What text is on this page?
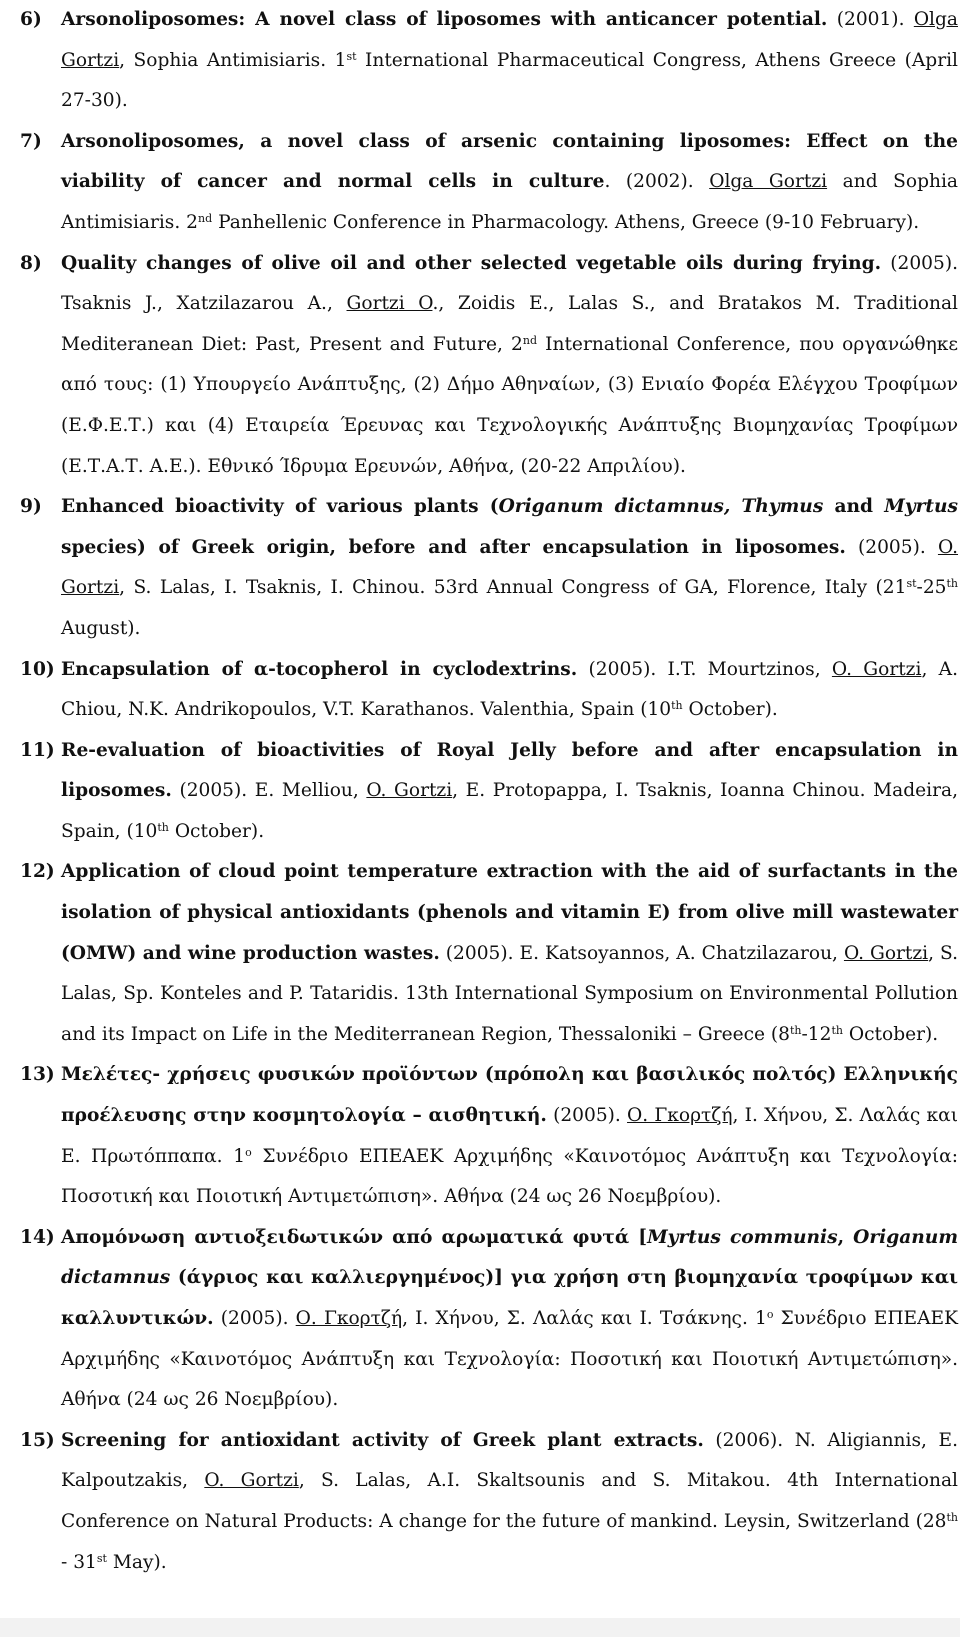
6) Arsonoliposomes: A novel class of liposomes with anticancer potential. (2001). Olga Gortzi, Sophia Antimisiaris. 1st International Pharmaceutical Congress, Athens Greece (April 27-30).
7) Arsonoliposomes, a novel class of arsenic containing liposomes: Effect on the viability of cancer and normal cells in culture. (2002). Olga Gortzi and Sophia Antimisiaris. 2nd Panhellenic Conference in Pharmacology. Athens, Greece (9-10 February).
8) Quality changes of olive oil and other selected vegetable oils during frying. (2005). Tsaknis J., Xatzilazarou A., Gortzi O., Zoidis E., Lalas S., and Bratakos M. Traditional Mediteranean Diet: Past, Present and Future, 2nd International Conference, που οργανώθηκε από τους: (1) Υπουργείο Ανάπτυξης, (2) Δήμο Αθηναίων, (3) Ενιαίο Φορέα Ελέγχου Τροφίμων (Ε.Φ.Ε.Τ.) και (4) Εταιρεία Έρευνας και Τεχνολογικής Ανάπτυξης Βιομηχανίας Τροφίμων (Ε.Τ.Α.Τ. Α.Ε.). Εθνικό Ίδρυμα Ερευνών, Αθήνα, (20-22 Απριλίου).
9) Enhanced bioactivity of various plants (Origanum dictamnus, Thymus and Myrtus species) of Greek origin, before and after encapsulation in liposomes. (2005). O. Gortzi, S. Lalas, I. Tsaknis, I. Chinou. 53rd Annual Congress of GA, Florence, Italy (21st-25th August).
10) Encapsulation of α-tocopherol in cyclodextrins. (2005). I.T. Mourtzinos, O. Gortzi, A. Chiou, N.K. Andrikopoulos, V.T. Karathanos. Valenthia, Spain (10th October).
11) Re-evaluation of bioactivities of Royal Jelly before and after encapsulation in liposomes. (2005). E. Melliou, O. Gortzi, E. Protopappa, I. Tsaknis, Ioanna Chinou. Madeira, Spain, (10th October).
12) Application of cloud point temperature extraction with the aid of surfactants in the isolation of physical antioxidants (phenols and vitamin E) from olive mill wastewater (OMW) and wine production wastes. (2005). E. Katsoyannos, A. Chatzilazarou, O. Gortzi, S. Lalas, Sp. Konteles and P. Tataridis. 13th International Symposium on Environmental Pollution and its Impact on Life in the Mediterranean Region, Thessaloniki – Greece (8th-12th October).
13) Μελέτες- χρήσεις φυσικών προϊόντων (πρόπολη και βασιλικός πολτός) Ελληνικής προέλευσης στην κοσμητολογία – αισθητική. (2005). Ο. Γκορτζή, Ι. Χήνου, Σ. Λαλάς και Ε. Πρωτόππαπα. $1^o$ Συνέδριο ΕΠΕΑΕΚ Αρχιμήδης «Καινοτόμος Ανάπτυξη και Τεχνολογία: Ποσοτική και Ποιοτική Αντιμετώπιση». Αθήνα (24 ως 26 Νοεμβρίου).
14) Απομόνωση αντιοξειδωτικών από αρωματικά φυτά [Myrtus communis, Origanum dictamnus (άγριος και καλλιεργημένος)] για χρήση στη βιομηχανία τροφίμων και καλλυντικών. (2005). Ο. Γκορτζή, Ι. Χήνου, Σ. Λαλάς και Ι. Τσάκνης. $1^o$ Συνέδριο ΕΠΕΑΕΚ Αρχιμήδης «Καινοτόμος Ανάπτυξη και Τεχνολογία: Ποσοτική και Ποιοτική Αντιμετώπιση». Αθήνα (24 ως 26 Νοεμβρίου).
15) Screening for antioxidant activity of Greek plant extracts. (2006). N. Aligiannis, E. Kalpoutzakis, O. Gortzi, S. Lalas, A.I. Skaltsounis and S. Mitakou. 4th International Conference on Natural Products: A change for the future of mankind. Leysin, Switzerland (28th - 31st May).
